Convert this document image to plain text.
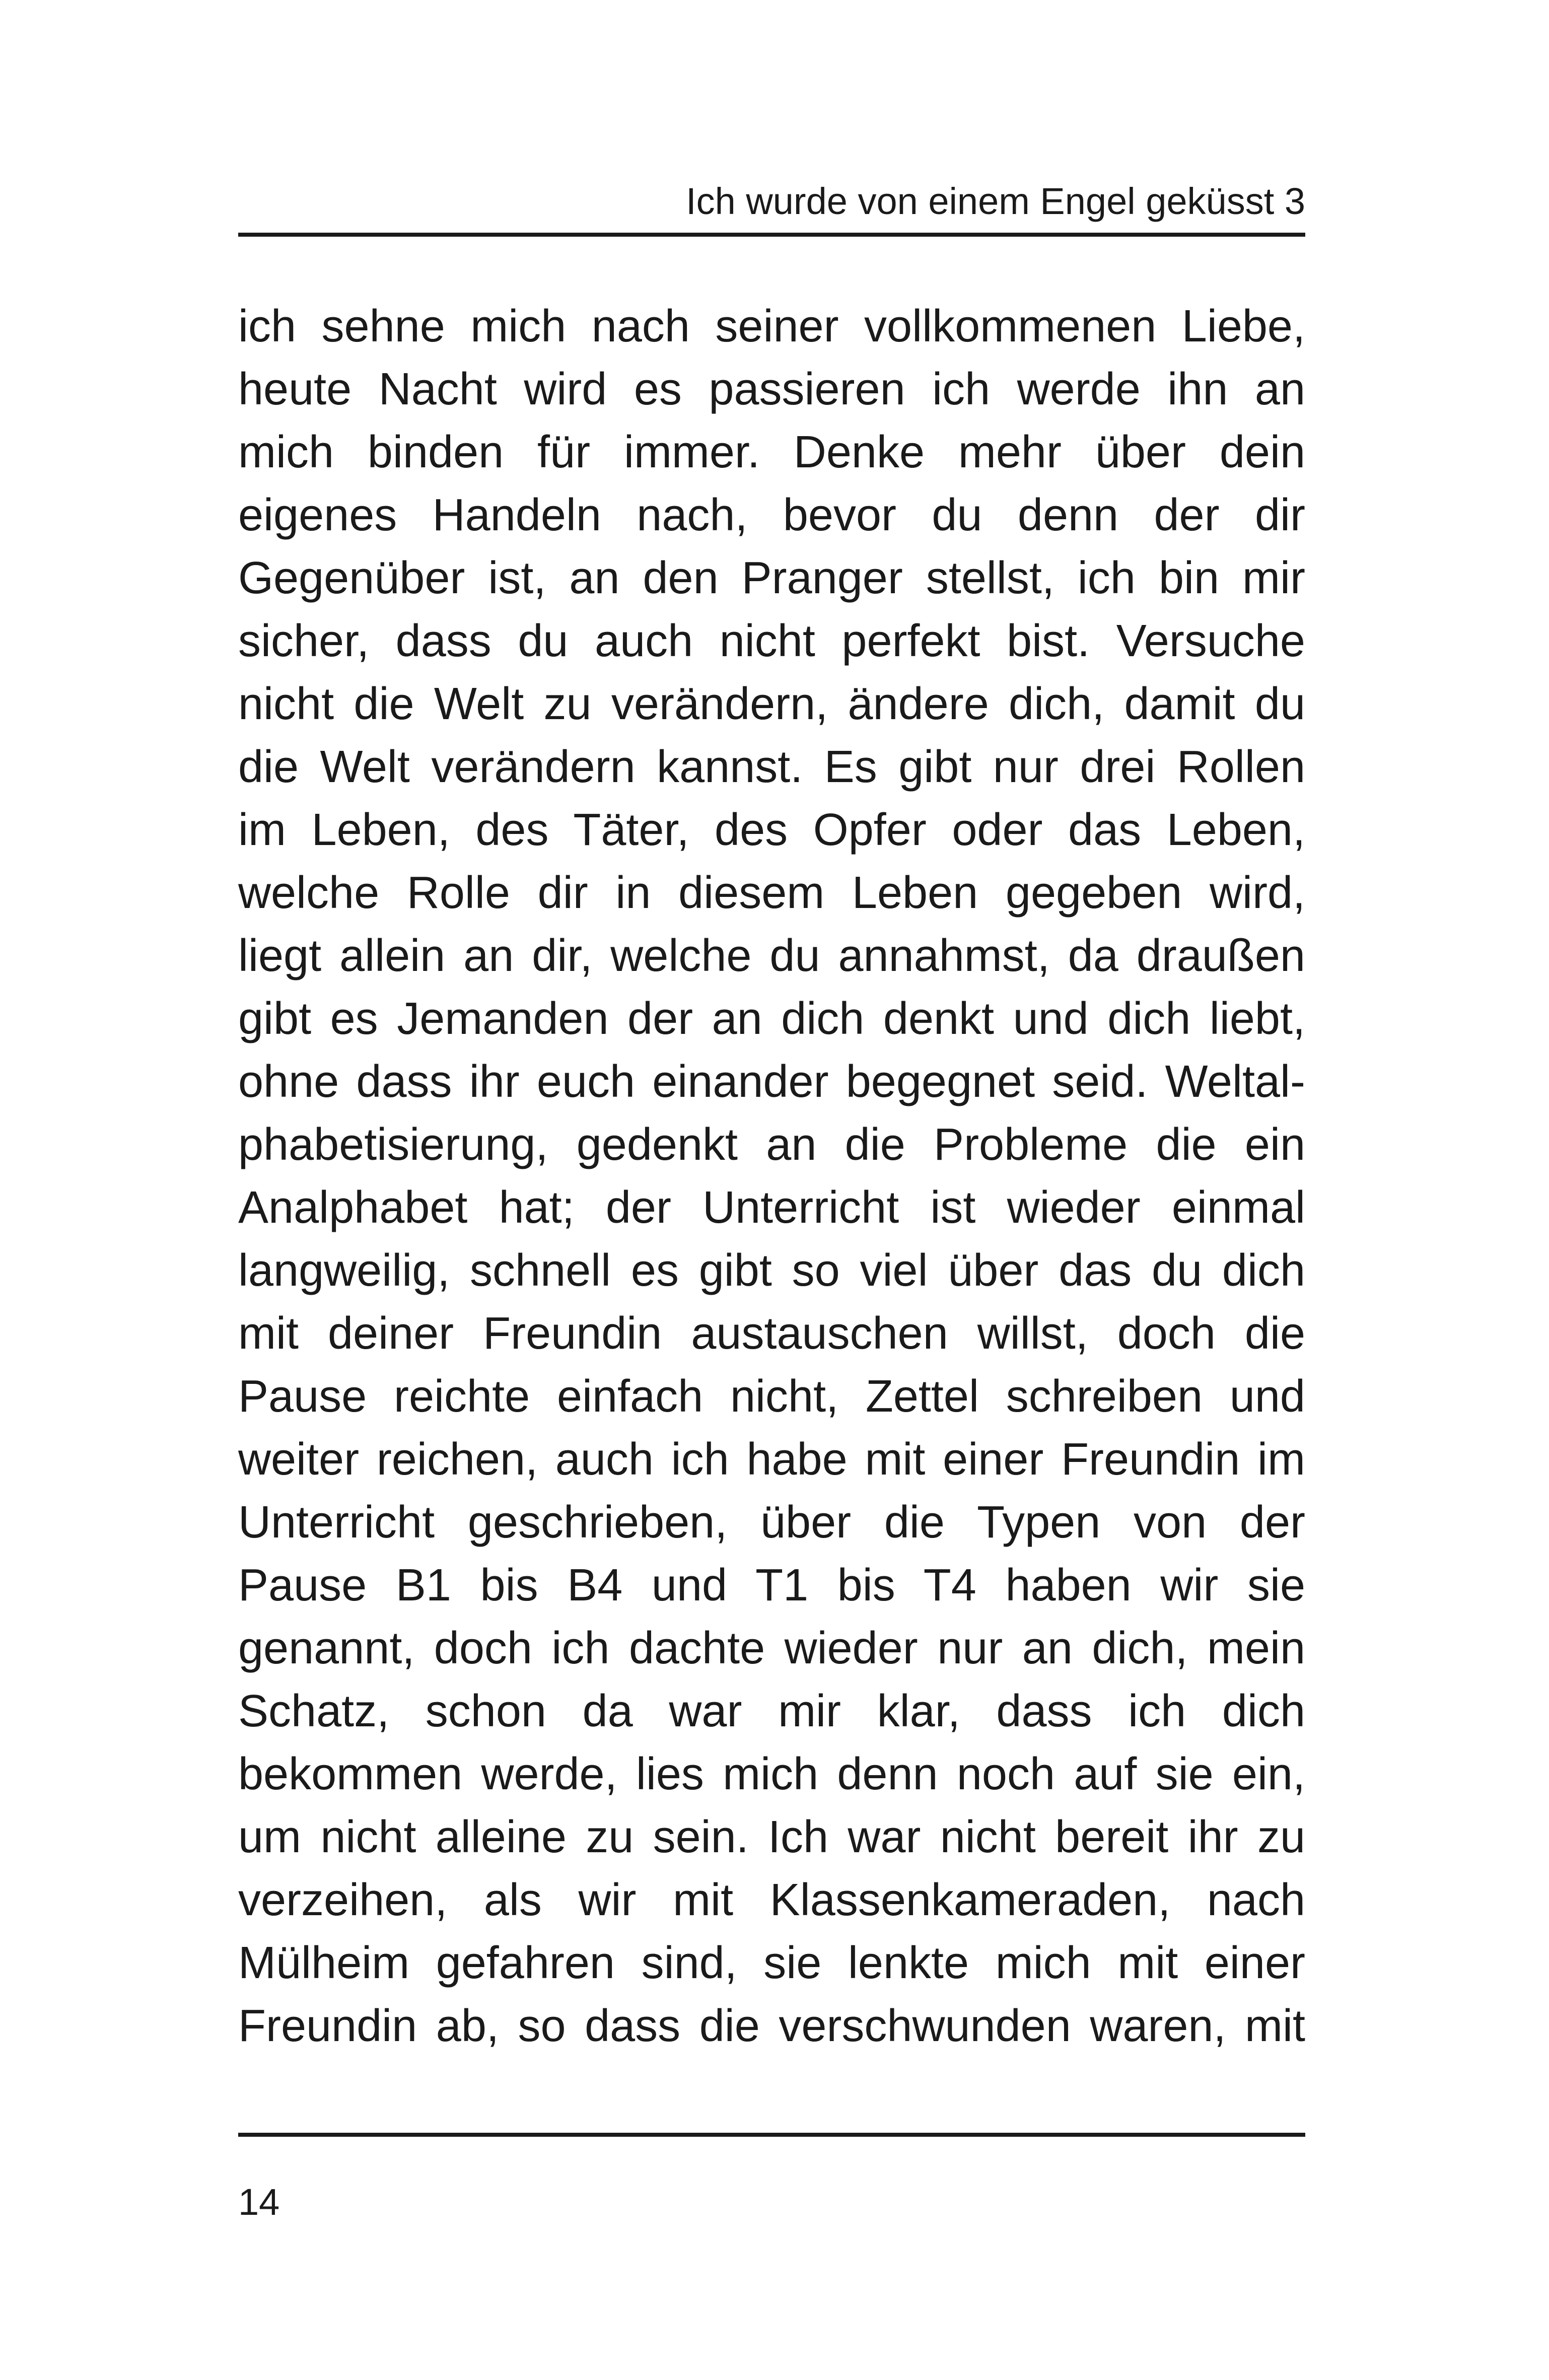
Ich wurde von einem Engel geküsst 3
ich sehne mich nach seiner vollkommenen Liebe,
heute Nacht wird es passieren ich werde ihn an
mich binden für immer. Denke mehr über dein
eigenes Handeln nach, bevor du denn der dir
Gegenüber ist, an den Pranger stellst, ich bin mir
sicher, dass du auch nicht perfekt bist. Versuche
nicht die Welt zu verändern, ändere dich, damit du
die Welt verändern kannst. Es gibt nur drei Rollen
im Leben, des Täter, des Opfer oder das Leben,
welche Rolle dir in diesem Leben gegeben wird,
liegt allein an dir, welche du annahmst, da draußen
gibt es Jemanden der an dich denkt und dich liebt,
ohne dass ihr euch einander begegnet seid. Weltal-
phabetisierung, gedenkt an die Probleme die ein
Analphabet hat; der Unterricht ist wieder einmal
langweilig, schnell es gibt so viel über das du dich
mit deiner Freundin austauschen willst, doch die
Pause reichte einfach nicht, Zettel schreiben und
weiter reichen, auch ich habe mit einer Freundin im
Unterricht geschrieben, über die Typen von der
Pause B1 bis B4 und T1 bis T4 haben wir sie
genannt, doch ich dachte wieder nur an dich, mein
Schatz, schon da war mir klar, dass ich dich
bekommen werde, lies mich denn noch auf sie ein,
um nicht alleine zu sein. Ich war nicht bereit ihr zu
verzeihen, als wir mit Klassenkameraden, nach
Mülheim gefahren sind, sie lenkte mich mit einer
Freundin ab, so dass die verschwunden waren, mit
14
